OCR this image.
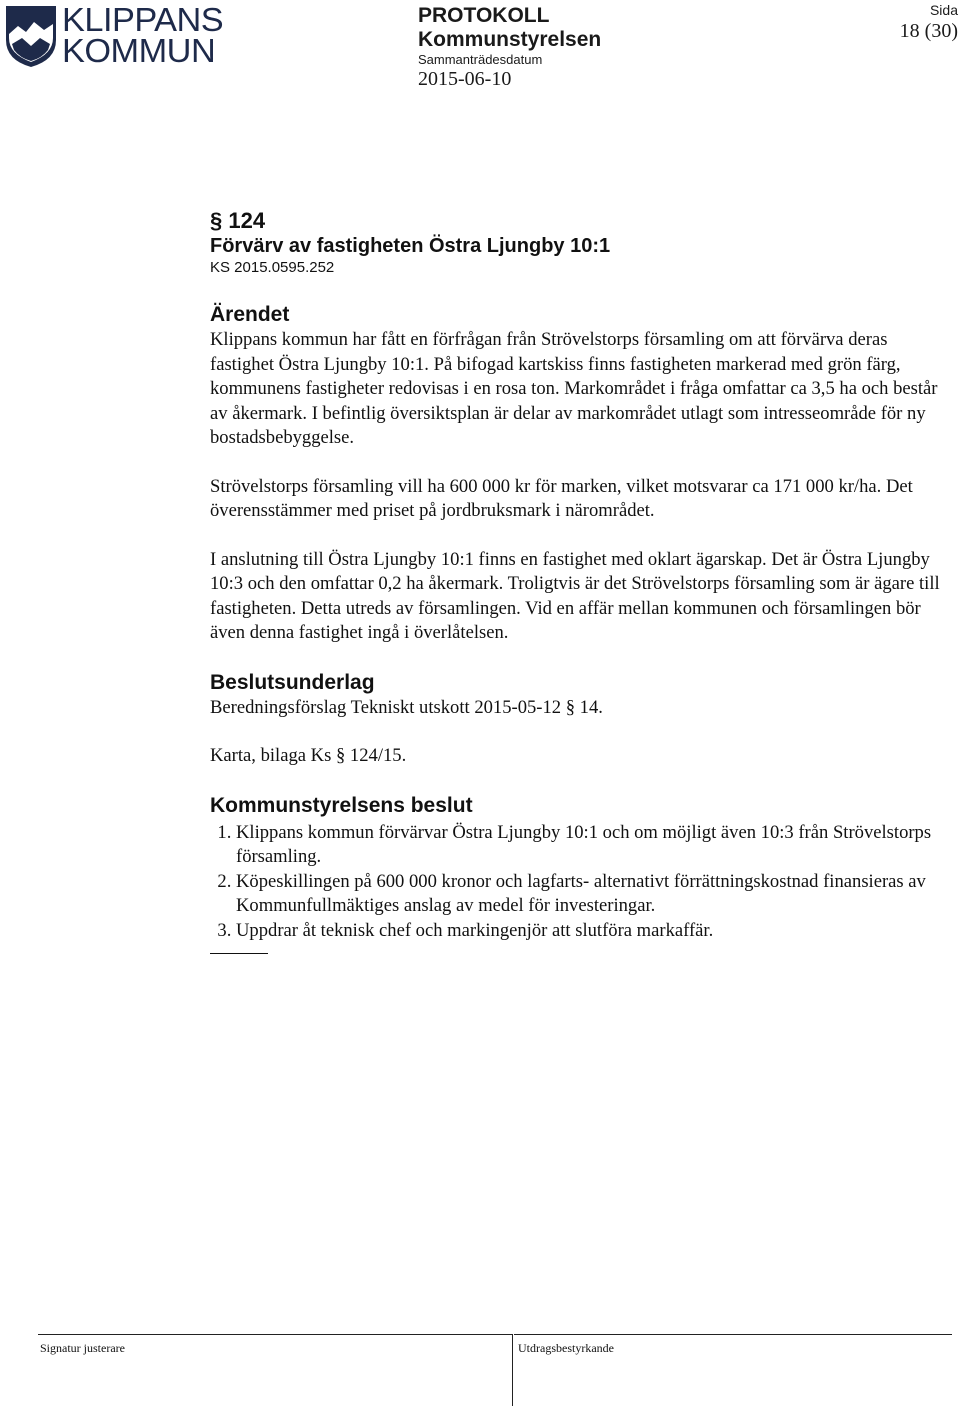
KLIPPANS
KOMMUN
PROTOKOLL
Kommunstyrelsen
Sammanträdesdatum
2015-06-10
Sida
18 (30)
§ 124
Förvärv av fastigheten Östra Ljungby 10:1
KS 2015.0595.252
Ärendet

Klippans kommun har fått en förfrågan från Strövelstorps församling om att förvärva deras fastighet Östra Ljungby 10:1. På bifogad kartskiss finns fastigheten markerad med grön färg, kommunens fastigheter redovisas i en rosa ton. Markområdet i fråga omfattar ca 3,5 ha och består av åkermark. I befintlig översiktsplan är delar av markområdet utlagt som intresseområde för ny bostadsbebyggelse.

Strövelstorps församling vill ha 600 000 kr för marken, vilket motsvarar ca 171 000 kr/ha. Det överensstämmer med priset på jordbruksmark i närområdet.

I anslutning till Östra Ljungby 10:1 finns en fastighet med oklart ägarskap. Det är Östra Ljungby 10:3 och den omfattar 0,2 ha åkermark. Troligtvis är det Strövelstorps församling som är ägare till fastigheten. Detta utreds av församlingen. Vid en affär mellan kommunen och församlingen bör även denna fastighet ingå i överlåtelsen.

Beslutsunderlag

Beredningsförslag Tekniskt utskott 2015-05-12 § 14.

Karta, bilaga Ks § 124/15.

Kommunstyrelsens beslut
1. Klippans kommun förvärvar Östra Ljungby 10:1 och om möjligt även 10:3 från Strövelstorps församling.
2. Köpeskillingen på 600 000 kronor och lagfarts- alternativt förrättningskostnad finansieras av Kommunfullmäktiges anslag av medel för investeringar.
3. Uppdrar åt teknisk chef och markingenjör att slutföra markaffär.
Signatur justerare	Utdragsbestyrkande
